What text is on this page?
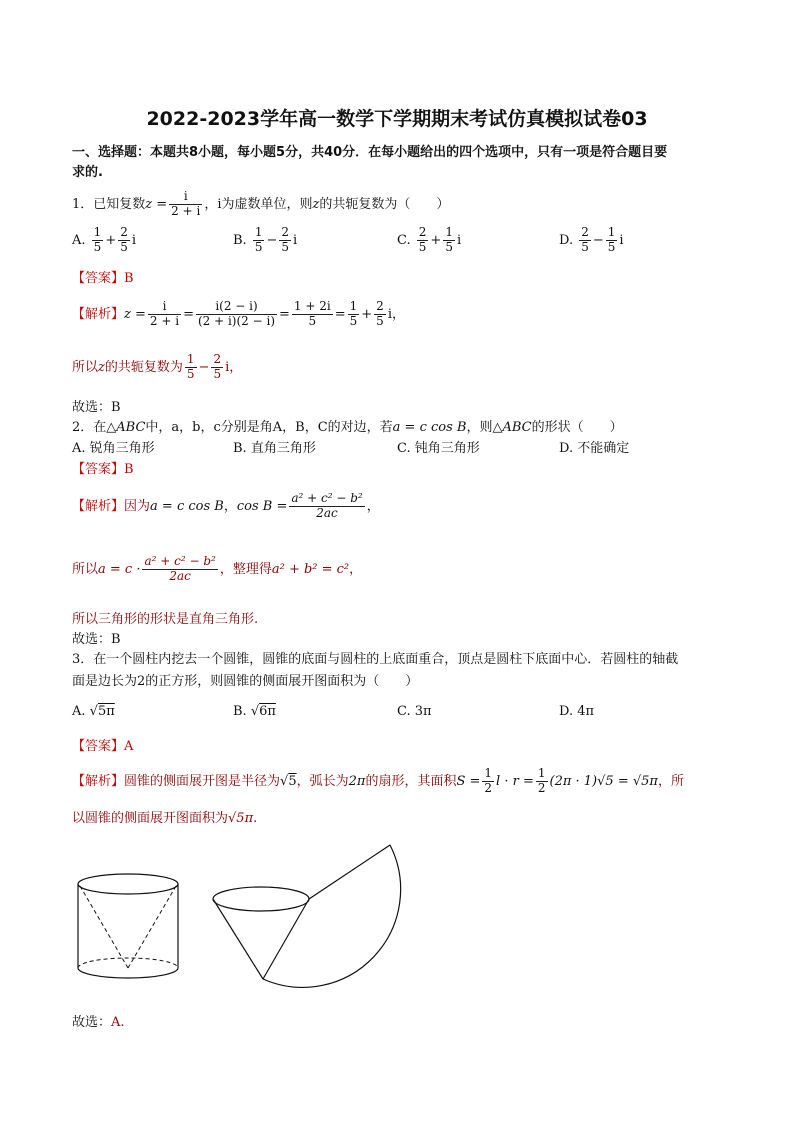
2022-2023学年高一数学下学期期末考试仿真模拟试卷03
一、选择题：本题共8小题，每小题5分，共40分．在每小题给出的四个选项中，只有一项是符合题目要
求的.
1．已知复数$z = \frac{i}{2 + i}$ ，i为虚数单位，则z的共轭复数为（　　）
A. $\frac{1}{5} + \frac{2}{5}$ i	B. $\frac{1}{5} - \frac{2}{5}$ i	C. $\frac{2}{5} + \frac{1}{5}$ i	D. $\frac{2}{5} - \frac{1}{5}$ i
【答案】B
【解析】$z = \frac{i}{2 + i} = \frac{i(2 - i)}{(2 + i)(2 - i)} = \frac{1 + 2i}{5} = \frac{1}{5} + \frac{2}{5}$ i，
所以z的共轭复数为 $\frac{1}{5} - \frac{2}{5}$ i，
故选：B
2．在△ABC中，a，b，c分别是角A，B，C的对边，若a = c cos B，则△ABC的形状（　　）
A. 锐角三角形	B. 直角三角形	C. 钝角三角形	D. 不能确定
【答案】B
【解析】因为a = c cos B，$\cos B = \frac{\text{a² + c² − b²}}{2ac}$ ，
所以$a = c \cdot \frac{\text{a² + c² − b²}}{2ac}$ ，整理得a² + b² = c²，
所以三角形的形状是直角三角形.
故选：B
3．在一个圆柱内挖去一个圆锥，圆锥的底面与圆柱的上底面重合，顶点是圆柱下底面中心．若圆柱的轴截
面是边长为2的正方形，则圆锥的侧面展开图面积为（　　）
A. √5π	B. √6π	C. 3π	D. 4π
【答案】A
【解析】圆锥的侧面展开图是半径为√5，弧长为2π的扇形，其面积$S = \frac{1}{2}$ $l \cdot r = \frac{1}{2} (2\pi \cdot 1)√5 = √5\pi$，所
以圆锥的侧面展开图面积为√5π.
故选：A.
